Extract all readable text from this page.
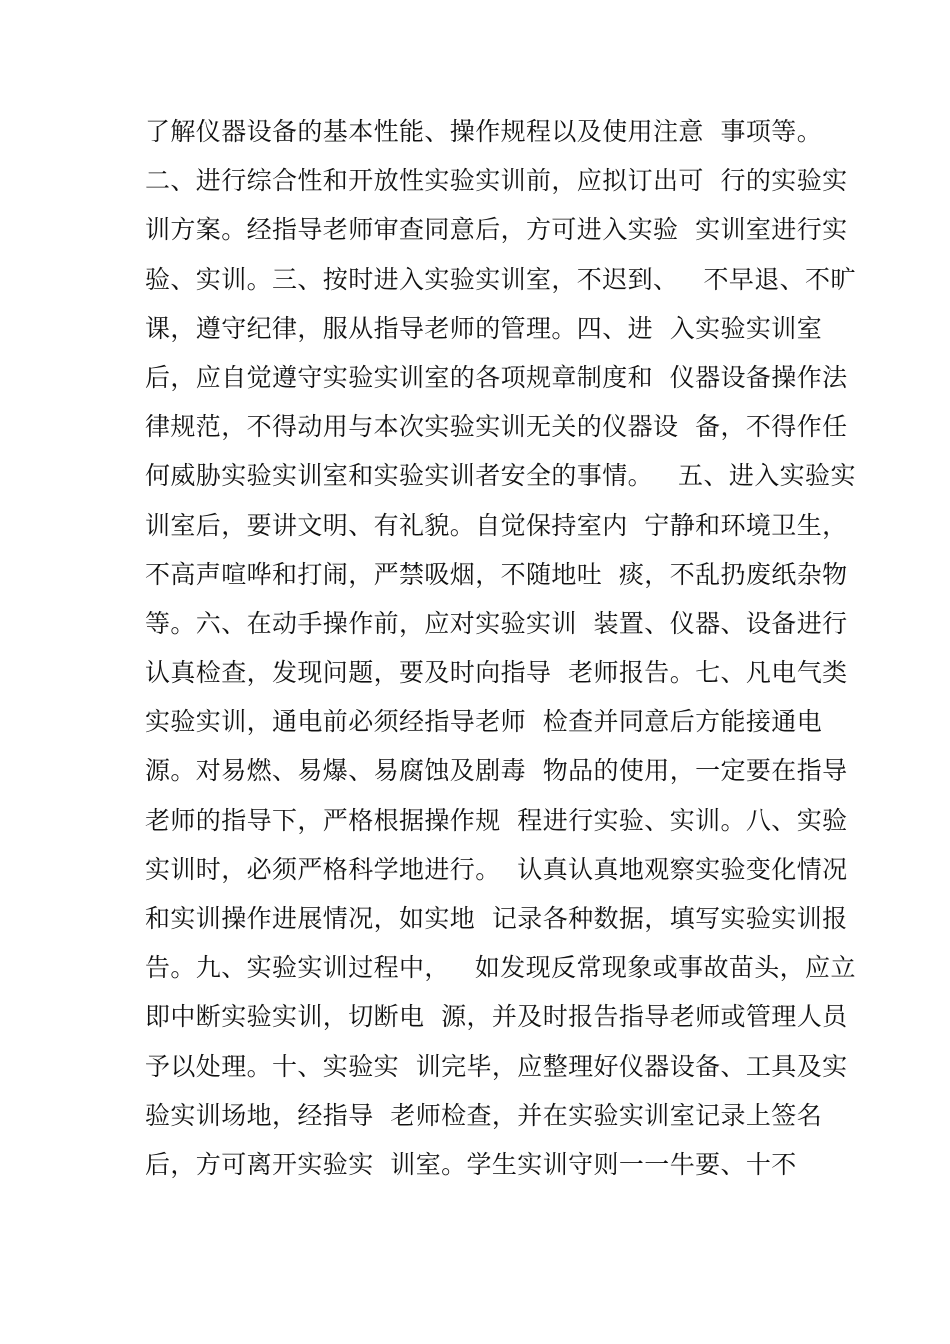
了解仪器设备的基本性能、操作规程以及使用注意  事项等。
二、进行综合性和开放性实验实训前，应拟订出可  行的实验实
训方案。经指导老师审查同意后，方可进入实验  实训室进行实
验、实训。三、按时进入实验实训室，不迟到、   不早退、不旷
课，遵守纪律，服从指导老师的管理。四、进  入实验实训室
后，应自觉遵守实验实训室的各项规章制度和  仪器设备操作法
律规范，不得动用与本次实验实训无关的仪器设  备，不得作任
何威胁实验实训室和实验实训者安全的事情。   五、进入实验实
训室后，要讲文明、有礼貌。自觉保持室内  宁静和环境卫生，
不高声喧哗和打闹，严禁吸烟，不随地吐  痰，不乱扔废纸杂物
等。六、在动手操作前，应对实验实训  装置、仪器、设备进行
认真检查，发现问题，要及时向指导  老师报告。七、凡电气类
实验实训，通电前必须经指导老师  检查并同意后方能接通电
源。对易燃、易爆、易腐蚀及剧毒  物品的使用，一定要在指导
老师的指导下，严格根据操作规  程进行实验、实训。八、实验
实训时，必须严格科学地进行。  认真认真地观察实验变化情况
和实训操作进展情况，如实地  记录各种数据，填写实验实训报
告。九、实验实训过程中，   如发现反常现象或事故苗头，应立
即中断实验实训，切断电  源，并及时报告指导老师或管理人员
予以处理。十、实验实  训完毕，应整理好仪器设备、工具及实
验实训场地，经指导  老师检查，并在实验实训室记录上签名
后，方可离开实验实  训室。学生实训守则一一牛要、十不
